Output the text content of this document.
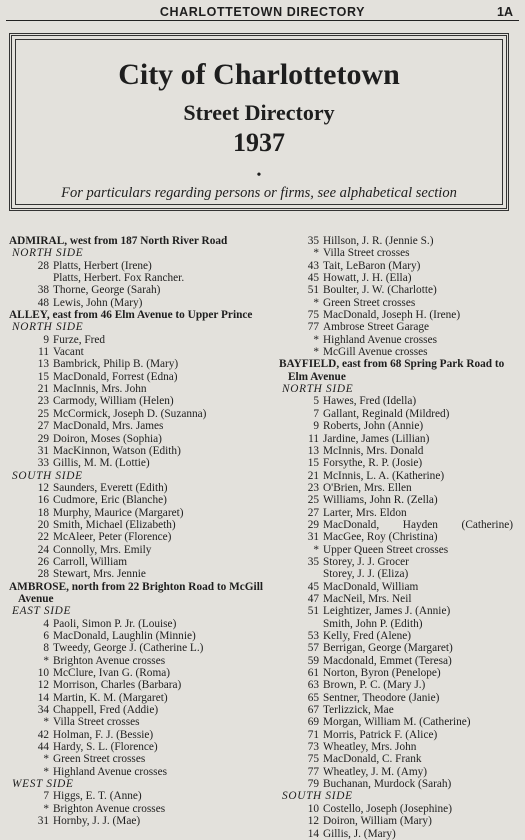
CHARLOTTETOWN DIRECTORY	1A
City of Charlottetown
Street Directory
1937
•
For particulars regarding persons or firms, see alphabetical section
ADMIRAL, west from 187 North River Road
NORTH SIDE
28 Platts, Herbert (Irene)
Platts, Herbert. Fox Rancher.
38 Thorne, George (Sarah)
48 Lewis, John (Mary)
ALLEY, east from 46 Elm Avenue to Upper Prince
NORTH SIDE
9 Furze, Fred
11 Vacant
13 Bambrick, Philip B. (Mary)
15 MacDonald, Forrest (Edna)
21 MacInnis, Mrs. John
23 Carmody, William (Helen)
25 McCormick, Joseph D. (Suzanna)
27 MacDonald, Mrs. James
29 Doiron, Moses (Sophia)
31 MacKinnon, Watson (Edith)
33 Gillis, M. M. (Lottie)
SOUTH SIDE
12 Saunders, Everett (Edith)
16 Cudmore, Eric (Blanche)
18 Murphy, Maurice (Margaret)
20 Smith, Michael (Elizabeth)
22 McAleer, Peter (Florence)
24 Connolly, Mrs. Emily
26 Carroll, William
28 Stewart, Mrs. Jennie
AMBROSE, north from 22 Brighton Road to McGill Avenue
EAST SIDE
4 Paoli, Simon P. Jr. (Louise)
6 MacDonald, Laughlin (Minnie)
8 Tweedy, George J. (Catherine L.)
* Brighton Avenue crosses
10 McClure, Ivan G. (Roma)
12 Morrison, Charles (Barbara)
14 Martin, K. M. (Margaret)
34 Chappell, Fred (Addie)
* Villa Street crosses
42 Holman, F. J. (Bessie)
44 Hardy, S. L. (Florence)
* Green Street crosses
* Highland Avenue crosses
WEST SIDE
7 Higgs, E. T. (Anne)
* Brighton Avenue crosses
31 Hornby, J. J. (Mae)
35 Hillson, J. R. (Jennie S.)
* Villa Street crosses
43 Tait, LeBaron (Mary)
45 Howatt, J. H. (Ella)
51 Boulter, J. W. (Charlotte)
* Green Street crosses
75 MacDonald, Joseph H. (Irene)
77 Ambrose Street Garage
* Highland Avenue crosses
* McGill Avenue crosses
BAYFIELD, east from 68 Spring Park Road to Elm Avenue
NORTH SIDE
5 Hawes, Fred (Idella)
7 Gallant, Reginald (Mildred)
9 Roberts, John (Annie)
11 Jardine, James (Lillian)
13 McInnis, Mrs. Donald
15 Forsythe, R. P. (Josie)
21 McInnis, L. A. (Katherine)
23 O'Brien, Mrs. Ellen
25 Williams, John R. (Zella)
27 Larter, Mrs. Eldon
29 MacDonald, Hayden (Catherine)
31 MacGee, Roy (Christina)
* Upper Queen Street crosses
35 Storey, J. J. Grocer
Storey, J. J. (Eliza)
45 MacDonald, William
47 MacNeil, Mrs. Neil
51 Leightizer, James J. (Annie)
Smith, John P. (Edith)
53 Kelly, Fred (Alene)
57 Berrigan, George (Margaret)
59 Macdonald, Emmet (Teresa)
61 Norton, Byron (Penelope)
63 Brown, P. C. (Mary J.)
65 Sentner, Theodore (Janie)
67 Terlizzick, Mae
69 Morgan, William M. (Catherine)
71 Morris, Patrick F. (Alice)
73 Wheatley, Mrs. John
75 MacDonald, C. Frank
77 Wheatley, J. M. (Amy)
79 Buchanan, Murdock (Sarah)
SOUTH SIDE
10 Costello, Joseph (Josephine)
12 Doiron, William (Mary)
14 Gillis, J. (Mary)
